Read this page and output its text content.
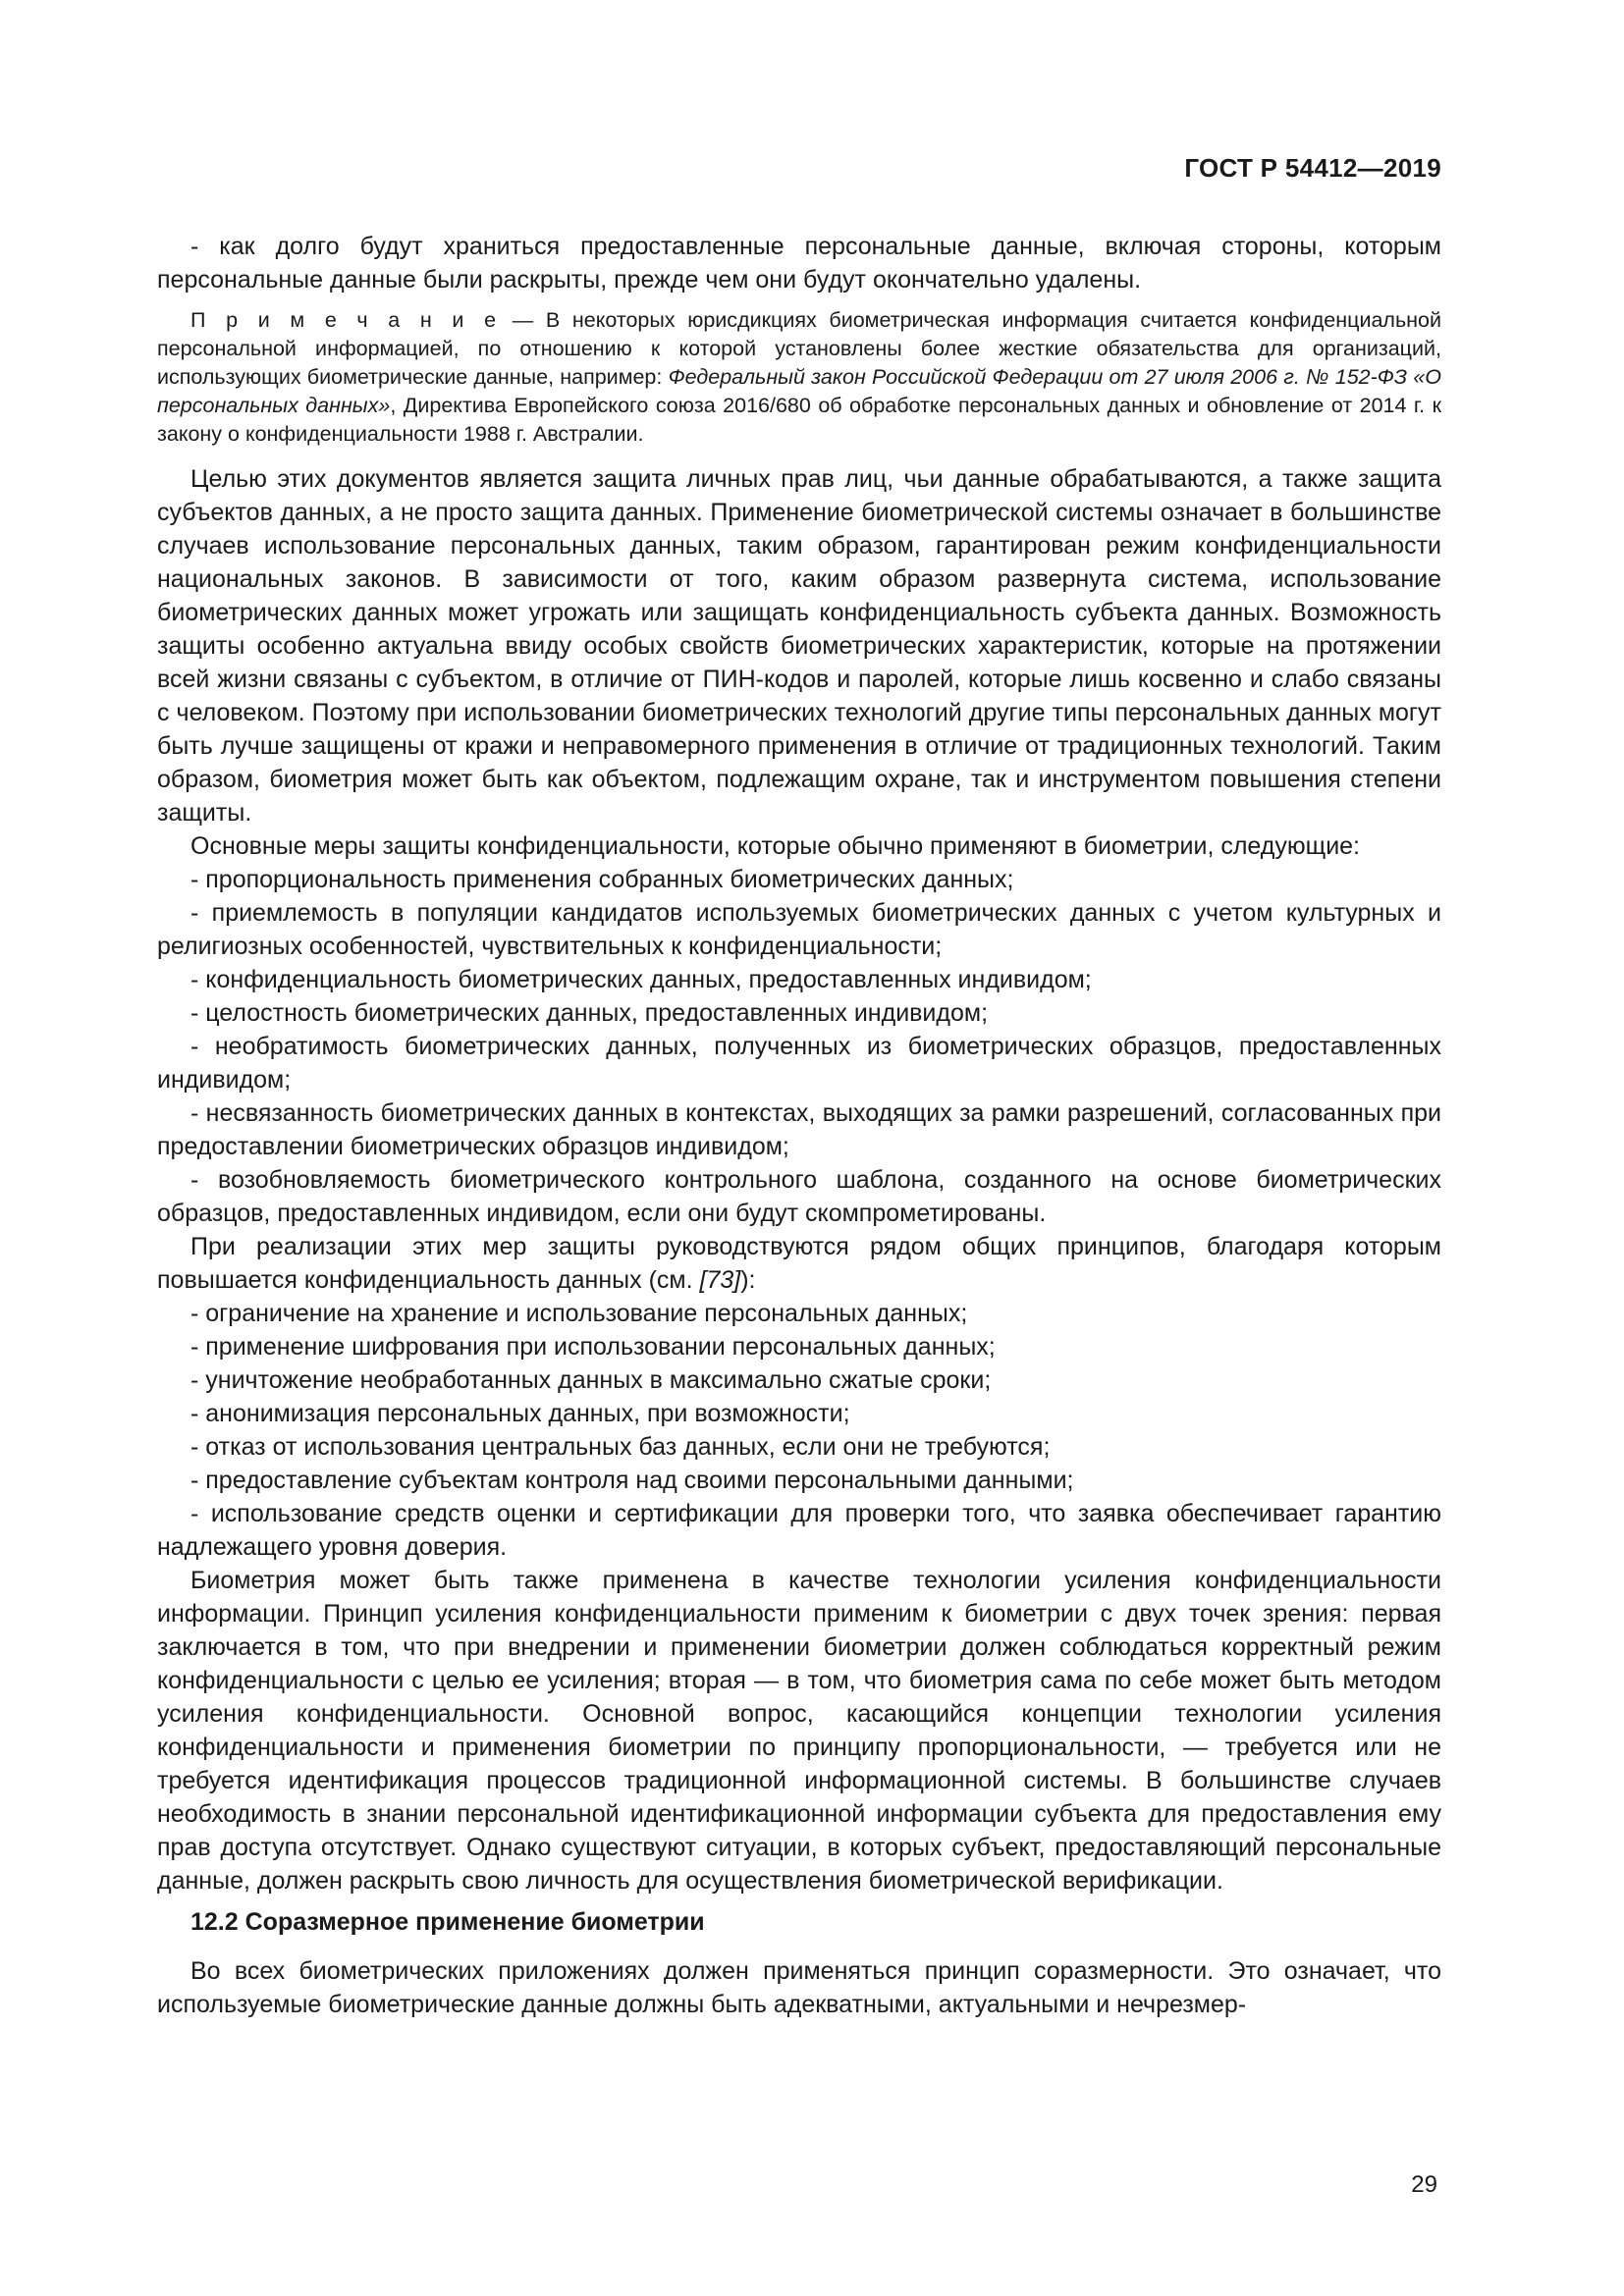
ГОСТ Р 54412—2019

- как долго будут храниться предоставленные персональные данные, включая стороны, которым персональные данные были раскрыты, прежде чем они будут окончательно удалены.

П р и м е ч а н и е — В некоторых юрисдикциях биометрическая информация считается конфиденциальной персональной информацией, по отношению к которой установлены более жесткие обязательства для организаций, использующих биометрические данные, например: Федеральный закон Российской Федерации от 27 июля 2006 г. № 152-ФЗ «О персональных данных», Директива Европейского союза 2016/680 об обработке персональных данных и обновление от 2014 г. к закону о конфиденциальности 1988 г. Австралии.

Целью этих документов является защита личных прав лиц, чьи данные обрабатываются, а также защита субъектов данных, а не просто защита данных. Применение биометрической системы означает в большинстве случаев использование персональных данных, таким образом, гарантирован режим конфиденциальности национальных законов. В зависимости от того, каким образом развернута система, использование биометрических данных может угрожать или защищать конфиденциальность субъекта данных. Возможность защиты особенно актуальна ввиду особых свойств биометрических характеристик, которые на протяжении всей жизни связаны с субъектом, в отличие от ПИН-кодов и паролей, которые лишь косвенно и слабо связаны с человеком. Поэтому при использовании биометрических технологий другие типы персональных данных могут быть лучше защищены от кражи и неправомерного применения в отличие от традиционных технологий. Таким образом, биометрия может быть как объектом, подлежащим охране, так и инструментом повышения степени защиты.

Основные меры защиты конфиденциальности, которые обычно применяют в биометрии, следующие:

- пропорциональность применения собранных биометрических данных;

- приемлемость в популяции кандидатов используемых биометрических данных с учетом культурных и религиозных особенностей, чувствительных к конфиденциальности;

- конфиденциальность биометрических данных, предоставленных индивидом;

- целостность биометрических данных, предоставленных индивидом;

- необратимость биометрических данных, полученных из биометрических образцов, предоставленных индивидом;

- несвязанность биометрических данных в контекстах, выходящих за рамки разрешений, согласованных при предоставлении биометрических образцов индивидом;

- возобновляемость биометрического контрольного шаблона, созданного на основе биометрических образцов, предоставленных индивидом, если они будут скомпрометированы.

При реализации этих мер защиты руководствуются рядом общих принципов, благодаря которым повышается конфиденциальность данных (см. [73]):

- ограничение на хранение и использование персональных данных;

- применение шифрования при использовании персональных данных;

- уничтожение необработанных данных в максимально сжатые сроки;

- анонимизация персональных данных, при возможности;

- отказ от использования центральных баз данных, если они не требуются;

- предоставление субъектам контроля над своими персональными данными;

- использование средств оценки и сертификации для проверки того, что заявка обеспечивает гарантию надлежащего уровня доверия.

Биометрия может быть также применена в качестве технологии усиления конфиденциальности информации. Принцип усиления конфиденциальности применим к биометрии с двух точек зрения: первая заключается в том, что при внедрении и применении биометрии должен соблюдаться корректный режим конфиденциальности с целью ее усиления; вторая — в том, что биометрия сама по себе может быть методом усиления конфиденциальности. Основной вопрос, касающийся концепции технологии усиления конфиденциальности и применения биометрии по принципу пропорциональности, — требуется или не требуется идентификация процессов традиционной информационной системы. В большинстве случаев необходимость в знании персональной идентификационной информации субъекта для предоставления ему прав доступа отсутствует. Однако существуют ситуации, в которых субъект, предоставляющий персональные данные, должен раскрыть свою личность для осуществления биометрической верификации.

12.2 Соразмерное применение биометрии

Во всех биометрических приложениях должен применяться принцип соразмерности. Это означает, что используемые биометрические данные должны быть адекватными, актуальными и нечрезмер-

29
